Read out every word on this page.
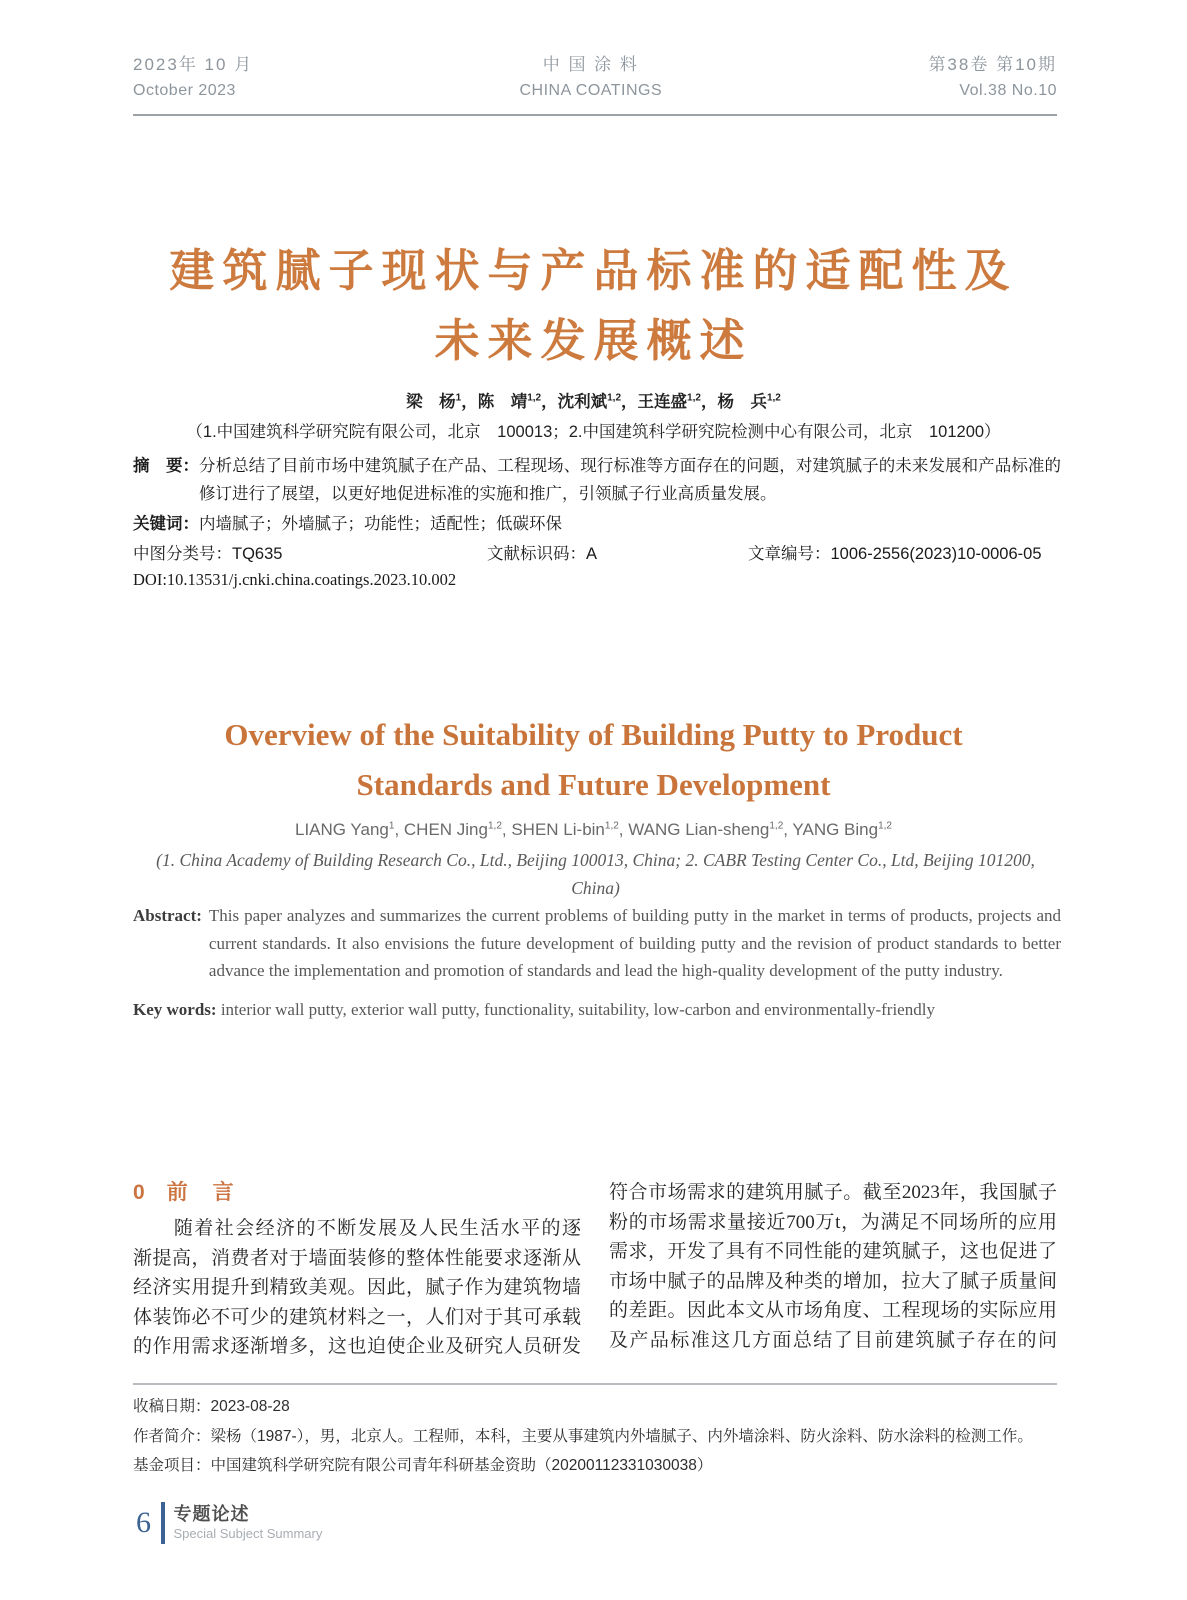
2023年 10 月
October 2023
中 国 涂 料
CHINA COATINGS
第38卷 第10期
Vol.38 No.10
建筑腻子现状与产品标准的适配性及
未来发展概述
梁　杨$^1$，陈　靖$^{1,2}$，沈利斌$^{1,2}$，王连盛$^{1,2}$，杨　兵$^{1,2}$
（1.中国建筑科学研究院有限公司，北京　100013；2.中国建筑科学研究院检测中心有限公司，北京　101200）
摘　要： 分析总结了目前市场中建筑腻子在产品、工程现场、现行标准等方面存在的问题，对建筑腻子的未来发展和产品标准的修订进行了展望，以更好地促进标准的实施和推广，引领腻子行业高质量发展。
关键词：内墙腻子；外墙腻子；功能性；适配性；低碳环保
中图分类号：TQ635	文献标识码：A	文章编号：1006-2556(2023)10-0006-05
DOI:10.13531/j.cnki.china.coatings.2023.10.002
Overview of the Suitability of Building Putty to Product
Standards and Future Development
LIANG Yang$^1$, CHEN Jing$^{1,2}$, SHEN Li-bin$^{1,2}$, WANG Lian-sheng$^{1,2}$, YANG Bing$^{1,2}$
(1. China Academy of Building Research Co., Ltd., Beijing 100013, China; 2. CABR Testing Center Co., Ltd, Beijing 101200, China)
Abstract: This paper analyzes and summarizes the current problems of building putty in the market in terms of products, projects and current standards. It also envisions the future development of building putty and the revision of product standards to better advance the implementation and promotion of standards and lead the high-quality development of the putty industry.
Key words: interior wall putty, exterior wall putty, functionality, suitability, low-carbon and environmentally-friendly
0 前　言
　　随着社会经济的不断发展及人民生活水平的逐
渐提高，消费者对于墙面装修的整体性能要求逐渐从
经济实用提升到精致美观。因此，腻子作为建筑物墙
体装饰必不可少的建筑材料之一，人们对于其可承载
的作用需求逐渐增多，这也迫使企业及研究人员研发
符合市场需求的建筑用腻子。截至2023年，我国腻子
粉的市场需求量接近700万t，为满足不同场所的应用
需求，开发了具有不同性能的建筑腻子，这也促进了
市场中腻子的品牌及种类的增加，拉大了腻子质量间
的差距。因此本文从市场角度、工程现场的实际应用
及产品标准这几方面总结了目前建筑腻子存在的问
收稿日期：2023-08-28
作者简介：梁杨（1987-），男，北京人。工程师，本科，主要从事建筑内外墙腻子、内外墙涂料、防火涂料、防水涂料的检测工作。
基金项目：中国建筑科学研究院有限公司青年科研基金资助（20200112331030038）
6 专题论述
Special Subject Summary
